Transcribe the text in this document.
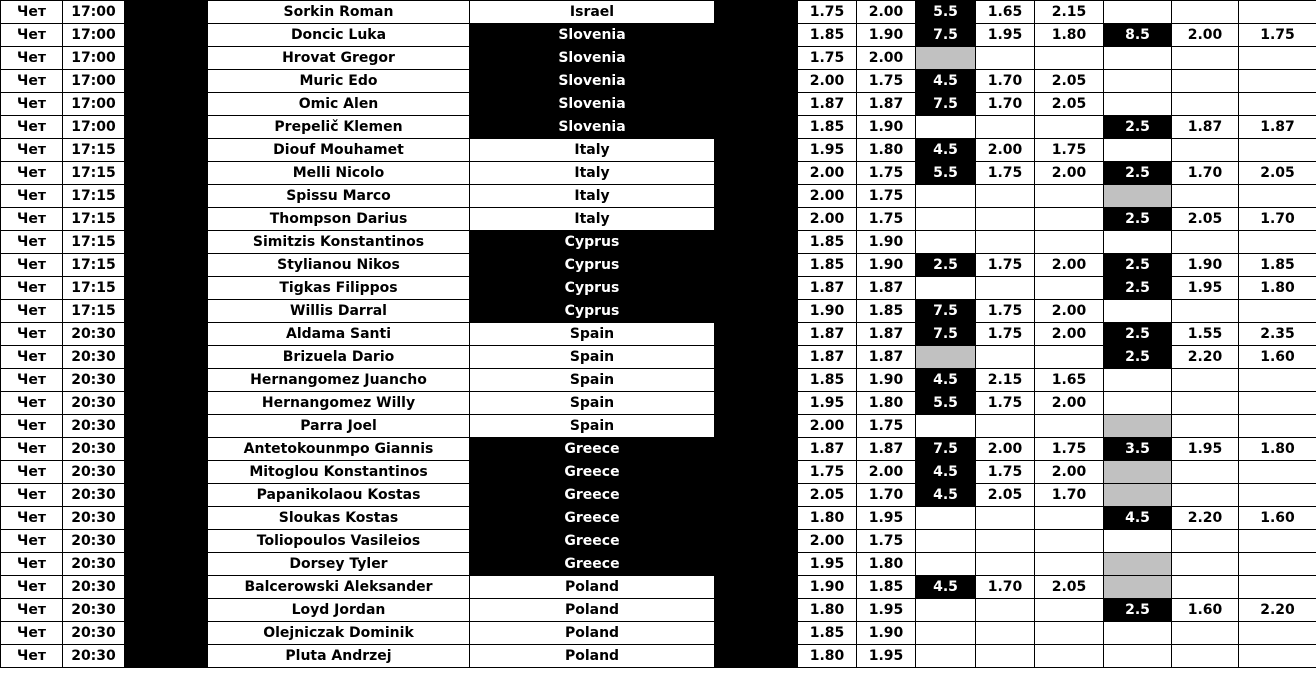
Чет	17:00	8344	Sorkin Roman	Israel	16.5	1.75	2.00	5.5	1.65	2.15			
Чет	17:00	8345	Doncic Luka	Slovenia	31.5	1.85	1.90	7.5	1.95	1.80	8.5	2.00	1.75
Чет	17:00	8346	Hrovat Gregor	Slovenia	8.5	1.75	2.00						
Чет	17:00	8347	Muric Edo	Slovenia	9.5	2.00	1.75	4.5	1.70	2.05			
Чет	17:00	8368	Omic Alen	Slovenia	6.5	1.87	1.87	7.5	1.70	2.05			
Чет	17:00	8369	Prepelič Klemen	Slovenia	10.5	1.85	1.90				2.5	1.87	1.87
Чет	17:15	8412	Diouf Mouhamet	Italy	10.5	1.95	1.80	4.5	2.00	1.75			
Чет	17:15	8413	Melli Nicolo	Italy	6.5	2.00	1.75	5.5	1.75	2.00	2.5	1.70	2.05
Чет	17:15	8415	Spissu Marco	Italy	6.5	2.00	1.75						
Чет	17:15	8416	Thompson Darius	Italy	8.5	2.00	1.75				2.5	2.05	1.70
Чет	17:15	8417	Simitzis Konstantinos	Cyprus	9.5	1.85	1.90						
Чет	17:15	8418	Stylianou Nikos	Cyprus	6.5	1.85	1.90	2.5	1.75	2.00	2.5	1.90	1.85
Чет	17:15	8419	Tigkas Filippos	Cyprus	10.5	1.87	1.87				2.5	1.95	1.80
Чет	17:15	8420	Willis Darral	Cyprus	14.5	1.90	1.85	7.5	1.75	2.00			
Чет	20:30	8196	Aldama Santi	Spain	17.5	1.87	1.87	7.5	1.75	2.00	2.5	1.55	2.35
Чет	20:30	8330	Brizuela Dario	Spain	10.5	1.87	1.87				2.5	2.20	1.60
Чет	20:30	8331	Hernangomez Juancho	Spain	8.5	1.85	1.90	4.5	2.15	1.65			
Чет	20:30	8332	Hernangomez Willy	Spain	11.5	1.95	1.80	5.5	1.75	2.00			
Чет	20:30	8333	Parra Joel	Spain	4.5	2.00	1.75						
Чет	20:30	8334	Antetokounmpo Giannis	Greece	27.5	1.87	1.87	7.5	2.00	1.75	3.5	1.95	1.80
Чет	20:30	8335	Mitoglou Konstantinos	Greece	10.5	1.75	2.00	4.5	1.75	2.00			
Чет	20:30	8336	Papanikolaou Kostas	Greece	5.5	2.05	1.70	4.5	2.05	1.70			
Чет	20:30	8337	Sloukas Kostas	Greece	9.5	1.80	1.95				4.5	2.20	1.60
Чет	20:30	8338	Toliopoulos Vasileios	Greece	6.5	2.00	1.75						
Чет	20:30	8339	Dorsey Tyler	Greece	11.5	1.95	1.80						
Чет	20:30	8370	Balcerowski Aleksander	Poland	8.5	1.90	1.85	4.5	1.70	2.05			
Чет	20:30	8371	Loyd Jordan	Poland	19.5	1.80	1.95				2.5	1.60	2.20
Чет	20:30	8372	Olejniczak Dominik	Poland	6.5	1.85	1.90						
Чет	20:30	8373	Pluta Andrzej	Poland	7.5	1.80	1.95						
